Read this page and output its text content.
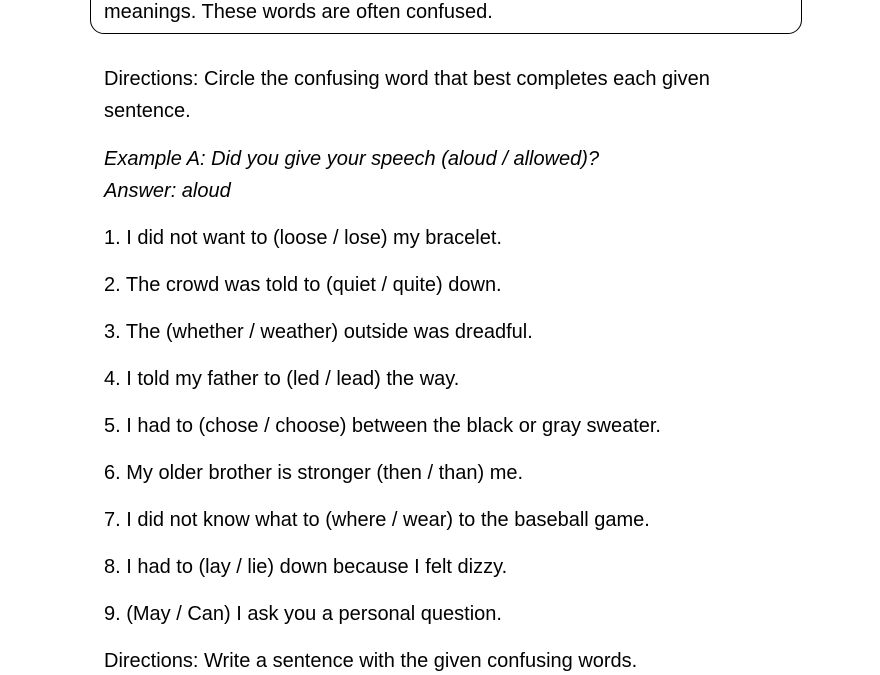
meanings. These words are often confused.
Directions: Circle the confusing word that best completes each given
sentence.
Example A: Did you give your speech (aloud / allowed)?
Answer: aloud
1. I did not want to (loose / lose) my bracelet.
2. The crowd was told to (quiet / quite) down.
3. The (whether / weather) outside was dreadful.
4. I told my father to (led / lead) the way.
5. I had to (chose / choose) between the black or gray sweater.
6. My older brother is stronger (then / than) me.
7. I did not know what to (where / wear) to the baseball game.
8. I had to (lay / lie) down because I felt dizzy.
9. (May / Can) I ask you a personal question.
Directions: Write a sentence with the given confusing words.
